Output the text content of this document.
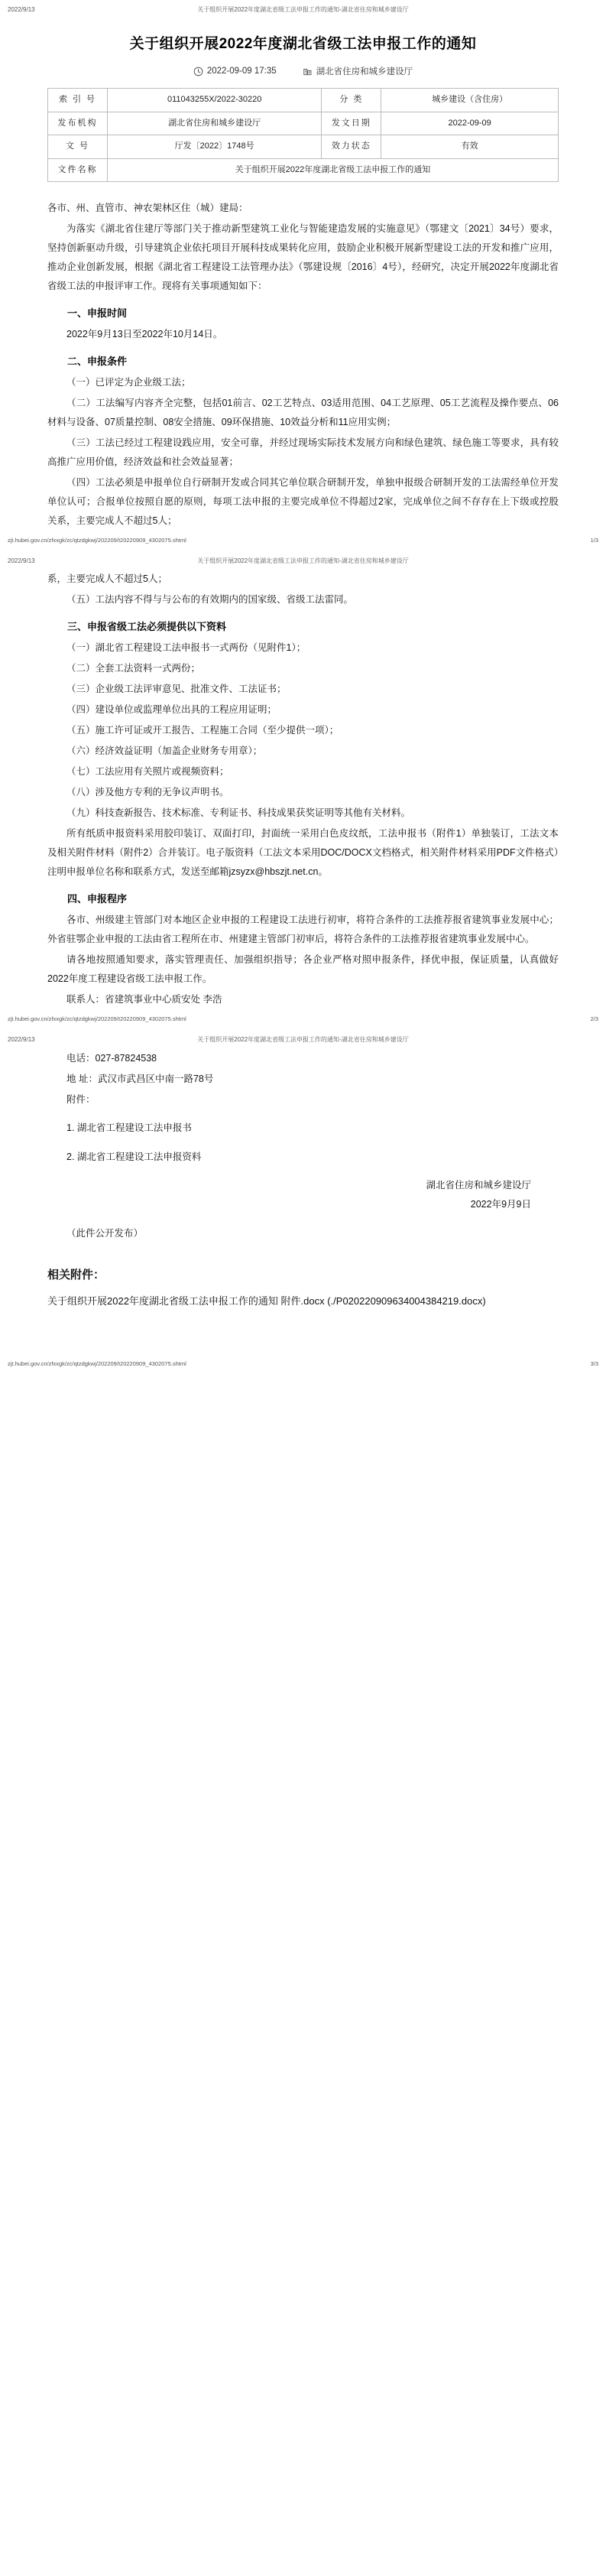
2022/9/13	关于组织开展2022年度湖北省级工法申报工作的通知-湖北省住房和城乡建设厅
关于组织开展2022年度湖北省级工法申报工作的通知
2022-09-09 17:35	湖北省住房和城乡建设厅
索 引 号	011043255X/2022-30220	分 类	城乡建设（含住房）
发布机构	湖北省住房和城乡建设厅	发文日期	2022-09-09
文 号	厅发〔2022〕1748号	效力状态	有效
文件名称	关于组织开展2022年度湖北省级工法申报工作的通知		

各市、州、直管市、神农架林区住（城）建局：

为落实《湖北省住建厅等部门关于推动新型建筑工业化与智能建造发展的实施意见》（鄂建文〔2021〕34号）要求，坚持创新驱动升级，引导建筑企业依托项目开展科技成果转化应用，鼓励企业积极开展新型建设工法的开发和推广应用，推动企业创新发展，根据《湖北省工程建设工法管理办法》（鄂建设规〔2016〕4号），经研究，决定开展2022年度湖北省省级工法的申报评审工作。现将有关事项通知如下：

一、申报时间

2022年9月13日至2022年10月14日。

二、申报条件

（一）已评定为企业级工法；

（二）工法编写内容齐全完整，包括01前言、02工艺特点、03适用范围、04工艺原理、05工艺流程及操作要点、06材料与设备、07质量控制、08安全措施、09环保措施、10效益分析和11应用实例；

（三）工法已经过工程建设践应用，安全可靠，并经过现场实际技术发展方向和绿色建筑、绿色施工等要求，具有较高推广应用价值，经济效益和社会效益显著；

（四）工法必须是申报单位自行研制开发或合同其它单位联合研制开发，单独申报级合研制开发的工法需经单位开发单位认可；合报单位按照自愿的原则，每项工法申报的主要完成单位不得超过2家，完成单位之间不存存在上下级或控股关系，主要完成人不超过5人；

zjt.hubei.gov.cn/zfxxgk/zc/qtzdgkwj/202209/t20220909_4302075.shtml	1/3
2022/9/13	关于组织开展2022年度湖北省级工法申报工作的通知-湖北省住房和城乡建设厅

系，主要完成人不超过5人；

（五）工法内容不得与与公布的有效期内的国家级、省级工法雷同。

三、申报省级工法必须提供以下资料

（一）湖北省工程建设工法申报书一式两份（见附件1）；

（二）全套工法资料一式两份；

（三）企业级工法评审意见、批准文件、工法证书；

（四）建设单位或监理单位出具的工程应用证明；

（五）施工许可证或开工报告、工程施工合同（至少提供一项）；

（六）经济效益证明（加盖企业财务专用章）；

（七）工法应用有关照片或视频资料；

（八）涉及他方专利的无争议声明书。

（九）科技查新报告、技术标准、专利证书、科技成果获奖证明等其他有关材料。

所有纸质申报资料采用胶印装订、双面打印，封面统一采用白色皮纹纸，工法申报书（附件1）单独装订，工法文本及相关附件材料（附件2）合并装订。电子版资料（工法文本采用DOC/DOCX文档格式，相关附件材料采用PDF文件格式）注明申报单位名称和联系方式，发送至邮箱jzsyzx@hbszjt.net.cn。

四、申报程序

各市、州级建主管部门对本地区企业申报的工程建设工法进行初审，将符合条件的工法推荐报省建筑事业发展中心；外省驻鄂企业申报的工法由省工程所在市、州建建主管部门初审后，将符合条件的工法推荐报省建筑事业发展中心。

请各地按照通知要求，落实管理责任、加强组织指导；各企业严格对照申报条件，择优申报，保证质量，认真做好2022年度工程建设省级工法申报工作。

联系人：省建筑事业中心质安处 李浩

zjt.hubei.gov.cn/zfxxgk/zc/qtzdgkwj/202209/t20220909_4302075.shtml	2/3
2022/9/13	关于组织开展2022年度湖北省级工法申报工作的通知-湖北省住房和城乡建设厅

电话：027-87824538

地 址：武汉市武昌区中南一路78号

附件：

1. 湖北省工程建设工法申报书

2. 湖北省工程建设工法申报资料

湖北省住房和城乡建设厅
2022年9月9日

（此件公开发布）

相关附件：
关于组织开展2022年度湖北省级工法申报工作的通知 附件.docx (./P020220909634004384219.docx)
zjt.hubei.gov.cn/zfxxgk/zc/qtzdgkwj/202209/t20220909_4302075.shtml	3/3
